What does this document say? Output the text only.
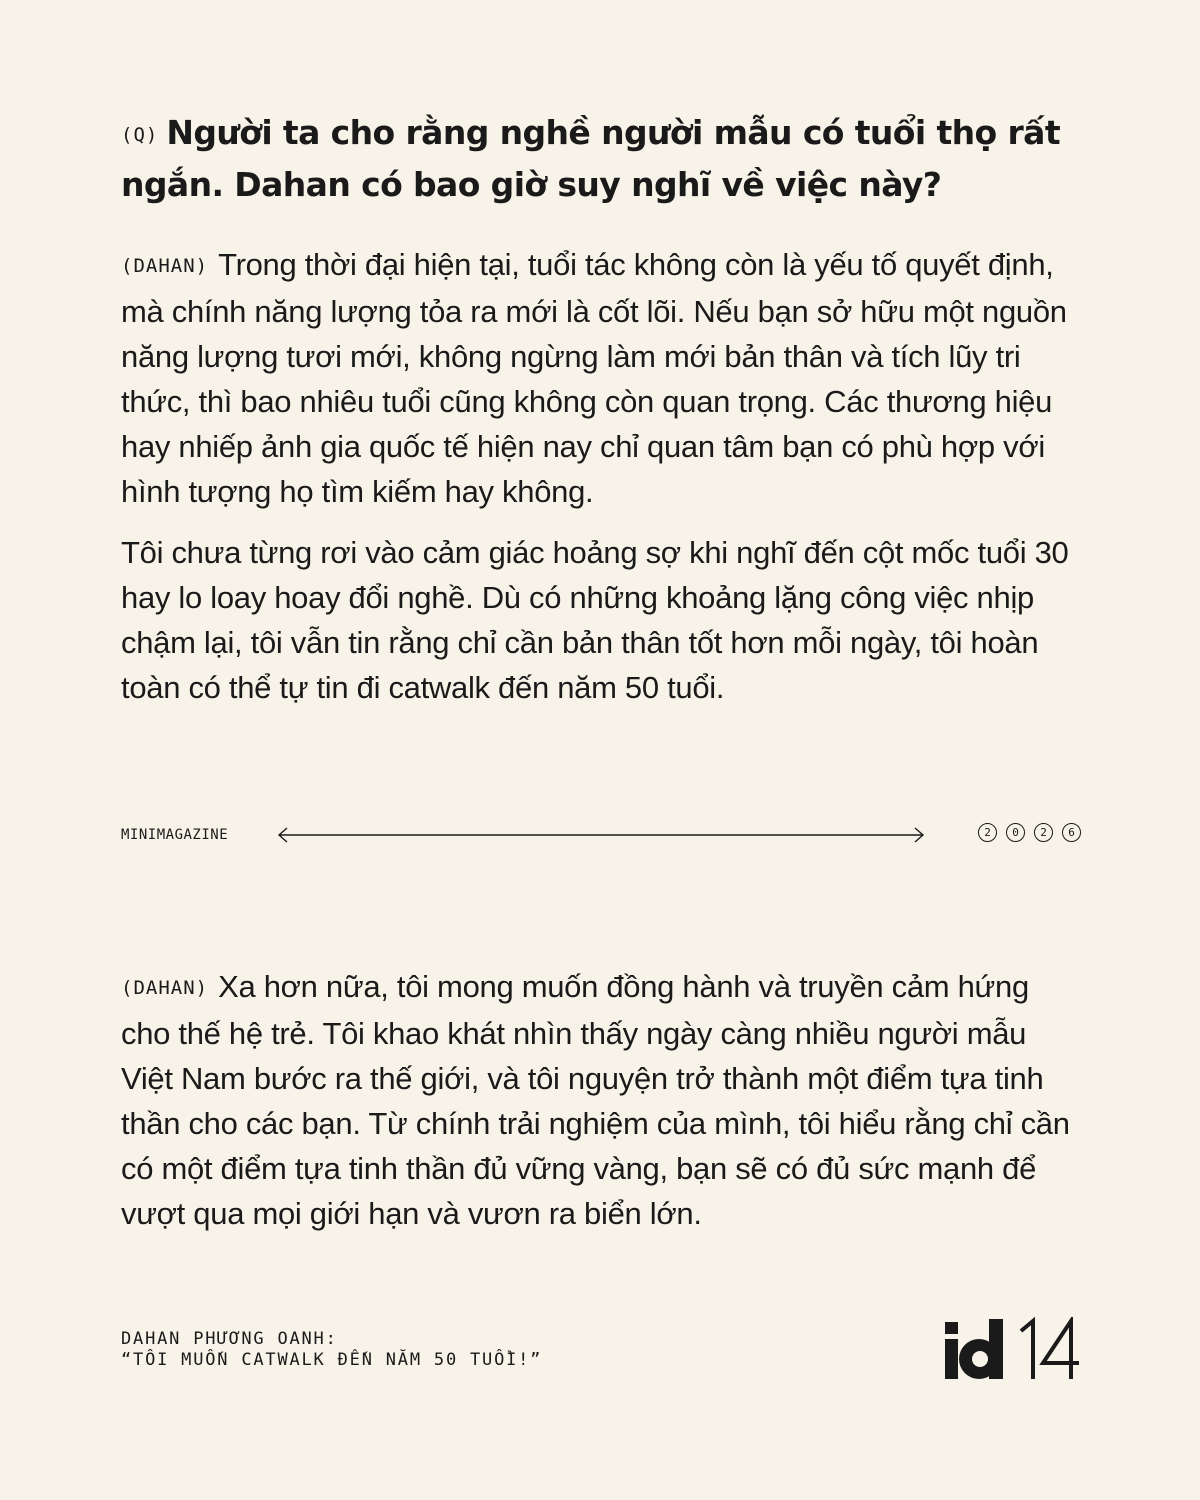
(Q) Người ta cho rằng nghề người mẫu có tuổi thọ rất ngắn. Dahan có bao giờ suy nghĩ về việc này?

(DAHAN) Trong thời đại hiện tại, tuổi tác không còn là yếu tố quyết định, mà chính năng lượng tỏa ra mới là cốt lõi. Nếu bạn sở hữu một nguồn năng lượng tươi mới, không ngừng làm mới bản thân và tích lũy tri thức, thì bao nhiêu tuổi cũng không còn quan trọng. Các thương hiệu hay nhiếp ảnh gia quốc tế hiện nay chỉ quan tâm bạn có phù hợp với hình tượng họ tìm kiếm hay không.

Tôi chưa từng rơi vào cảm giác hoảng sợ khi nghĩ đến cột mốc tuổi 30 hay lo loay hoay đổi nghề. Dù có những khoảng lặng công việc nhịp chậm lại, tôi vẫn tin rằng chỉ cần bản thân tốt hơn mỗi ngày, tôi hoàn toàn có thể tự tin đi catwalk đến năm 50 tuổi.

MINIMAGAZINE	2	0	2	6

(DAHAN) Xa hơn nữa, tôi mong muốn đồng hành và truyền cảm hứng cho thế hệ trẻ. Tôi khao khát nhìn thấy ngày càng nhiều người mẫu Việt Nam bước ra thế giới, và tôi nguyện trở thành một điểm tựa tinh thần cho các bạn. Từ chính trải nghiệm của mình, tôi hiểu rằng chỉ cần có một điểm tựa tinh thần đủ vững vàng, bạn sẽ có đủ sức mạnh để vượt qua mọi giới hạn và vươn ra biển lớn.

DAHAN PHƯƠNG OANH:
“TÔI MUỐN CATWALK ĐẾN NĂM 50 TUỔI!”
